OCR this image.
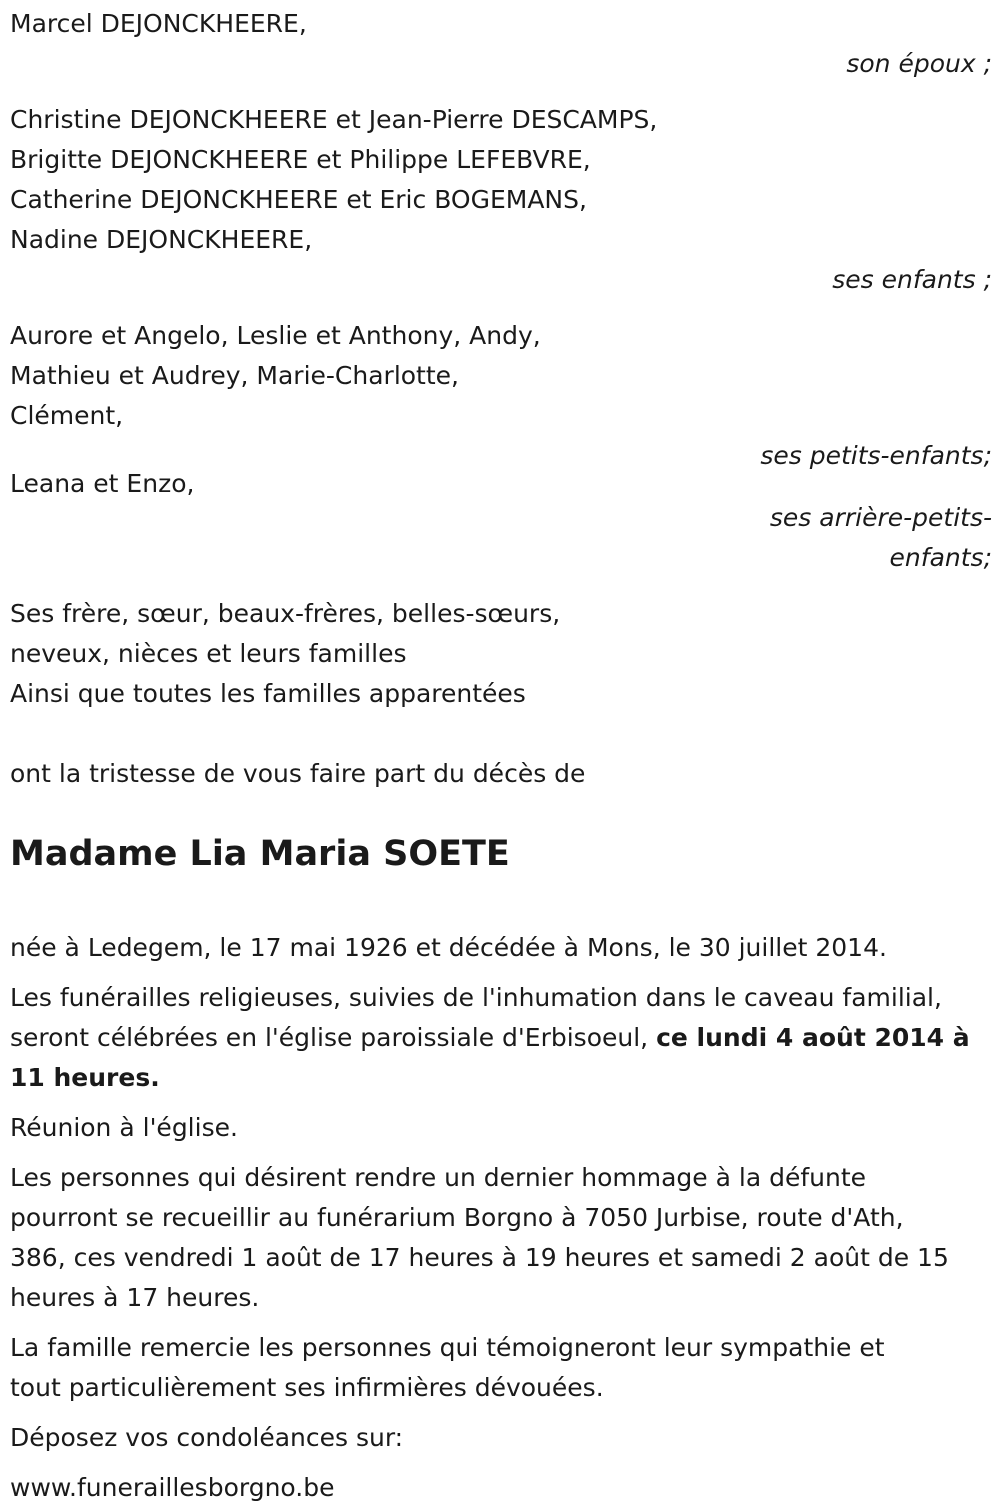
Marcel DEJONCKHEERE,
son époux ;
Christine DEJONCKHEERE et Jean-Pierre DESCAMPS,
Brigitte DEJONCKHEERE et Philippe LEFEBVRE,
Catherine DEJONCKHEERE et Eric BOGEMANS,
Nadine DEJONCKHEERE,
ses enfants ;
Aurore et Angelo, Leslie et Anthony, Andy,
Mathieu et Audrey, Marie-Charlotte,
Clément,
ses petits-enfants;
Leana et Enzo,
ses arrière-petits-
enfants;
Ses frère, sœur, beaux-frères, belles-sœurs,
neveux, nièces et leurs familles
Ainsi que toutes les familles apparentées
ont la tristesse de vous faire part du décès de
Madame Lia Maria SOETE
née à Ledegem, le 17 mai 1926 et décédée à Mons, le 30 juillet 2014.
Les funérailles religieuses, suivies de l'inhumation dans le caveau familial,
seront célébrées en l'église paroissiale d'Erbisoeul, ce lundi 4 août 2014 à
11 heures.
Réunion à l'église.
Les personnes qui désirent rendre un dernier hommage à la défunte
pourront se recueillir au funérarium Borgno à 7050 Jurbise, route d'Ath,
386, ces vendredi 1 août de 17 heures à 19 heures et samedi 2 août de 15
heures à 17 heures.
La famille remercie les personnes qui témoigneront leur sympathie et
tout particulièrement ses infirmières dévouées.
Déposez vos condoléances sur:
www.funeraillesborgno.be
